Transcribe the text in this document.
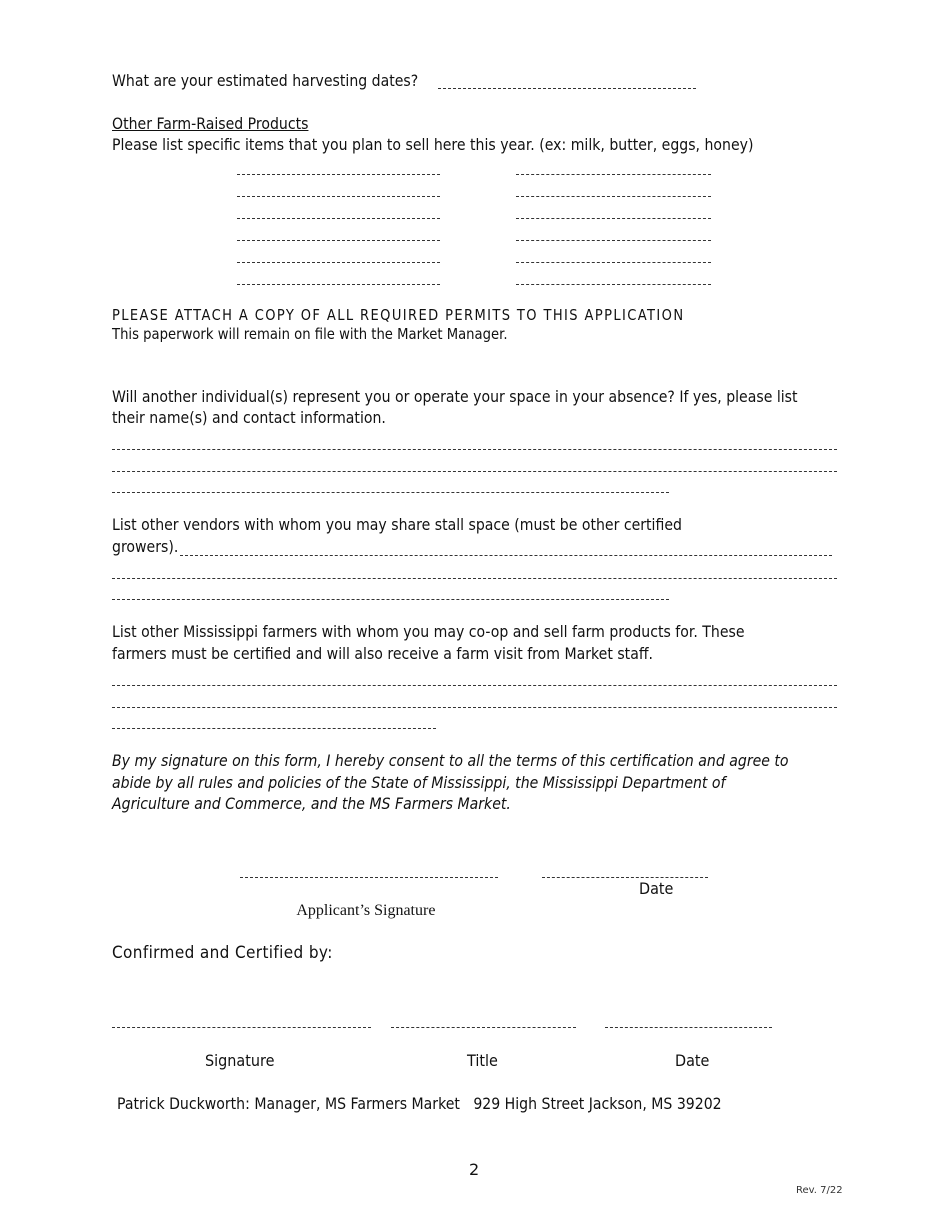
What are your estimated harvesting dates?
Other Farm-Raised Products
Please list specific items that you plan to sell here this year. (ex: milk, butter, eggs, honey)
PLEASE ATTACH A COPY OF ALL REQUIRED PERMITS TO THIS APPLICATION
This paperwork will remain on file with the Market Manager.
Will another individual(s) represent you or operate your space in your absence? If yes, please list
their name(s) and contact information.
List other vendors with whom you may share stall space (must be other certified
growers).
List other Mississippi farmers with whom you may co-op and sell farm products for. These
farmers must be certified and will also receive a farm visit from Market staff.
By my signature on this form, I hereby consent to all the terms of this certification and agree to
abide by all rules and policies of the State of Mississippi, the Mississippi Department of
Agriculture and Commerce, and the MS Farmers Market.

Applicant’s Signature

Date
Confirmed and Certified by:
Signature	Title	Date
Patrick Duckworth: Manager, MS Farmers Market   929 High Street Jackson, MS 39202
2
Rev. 7/22
